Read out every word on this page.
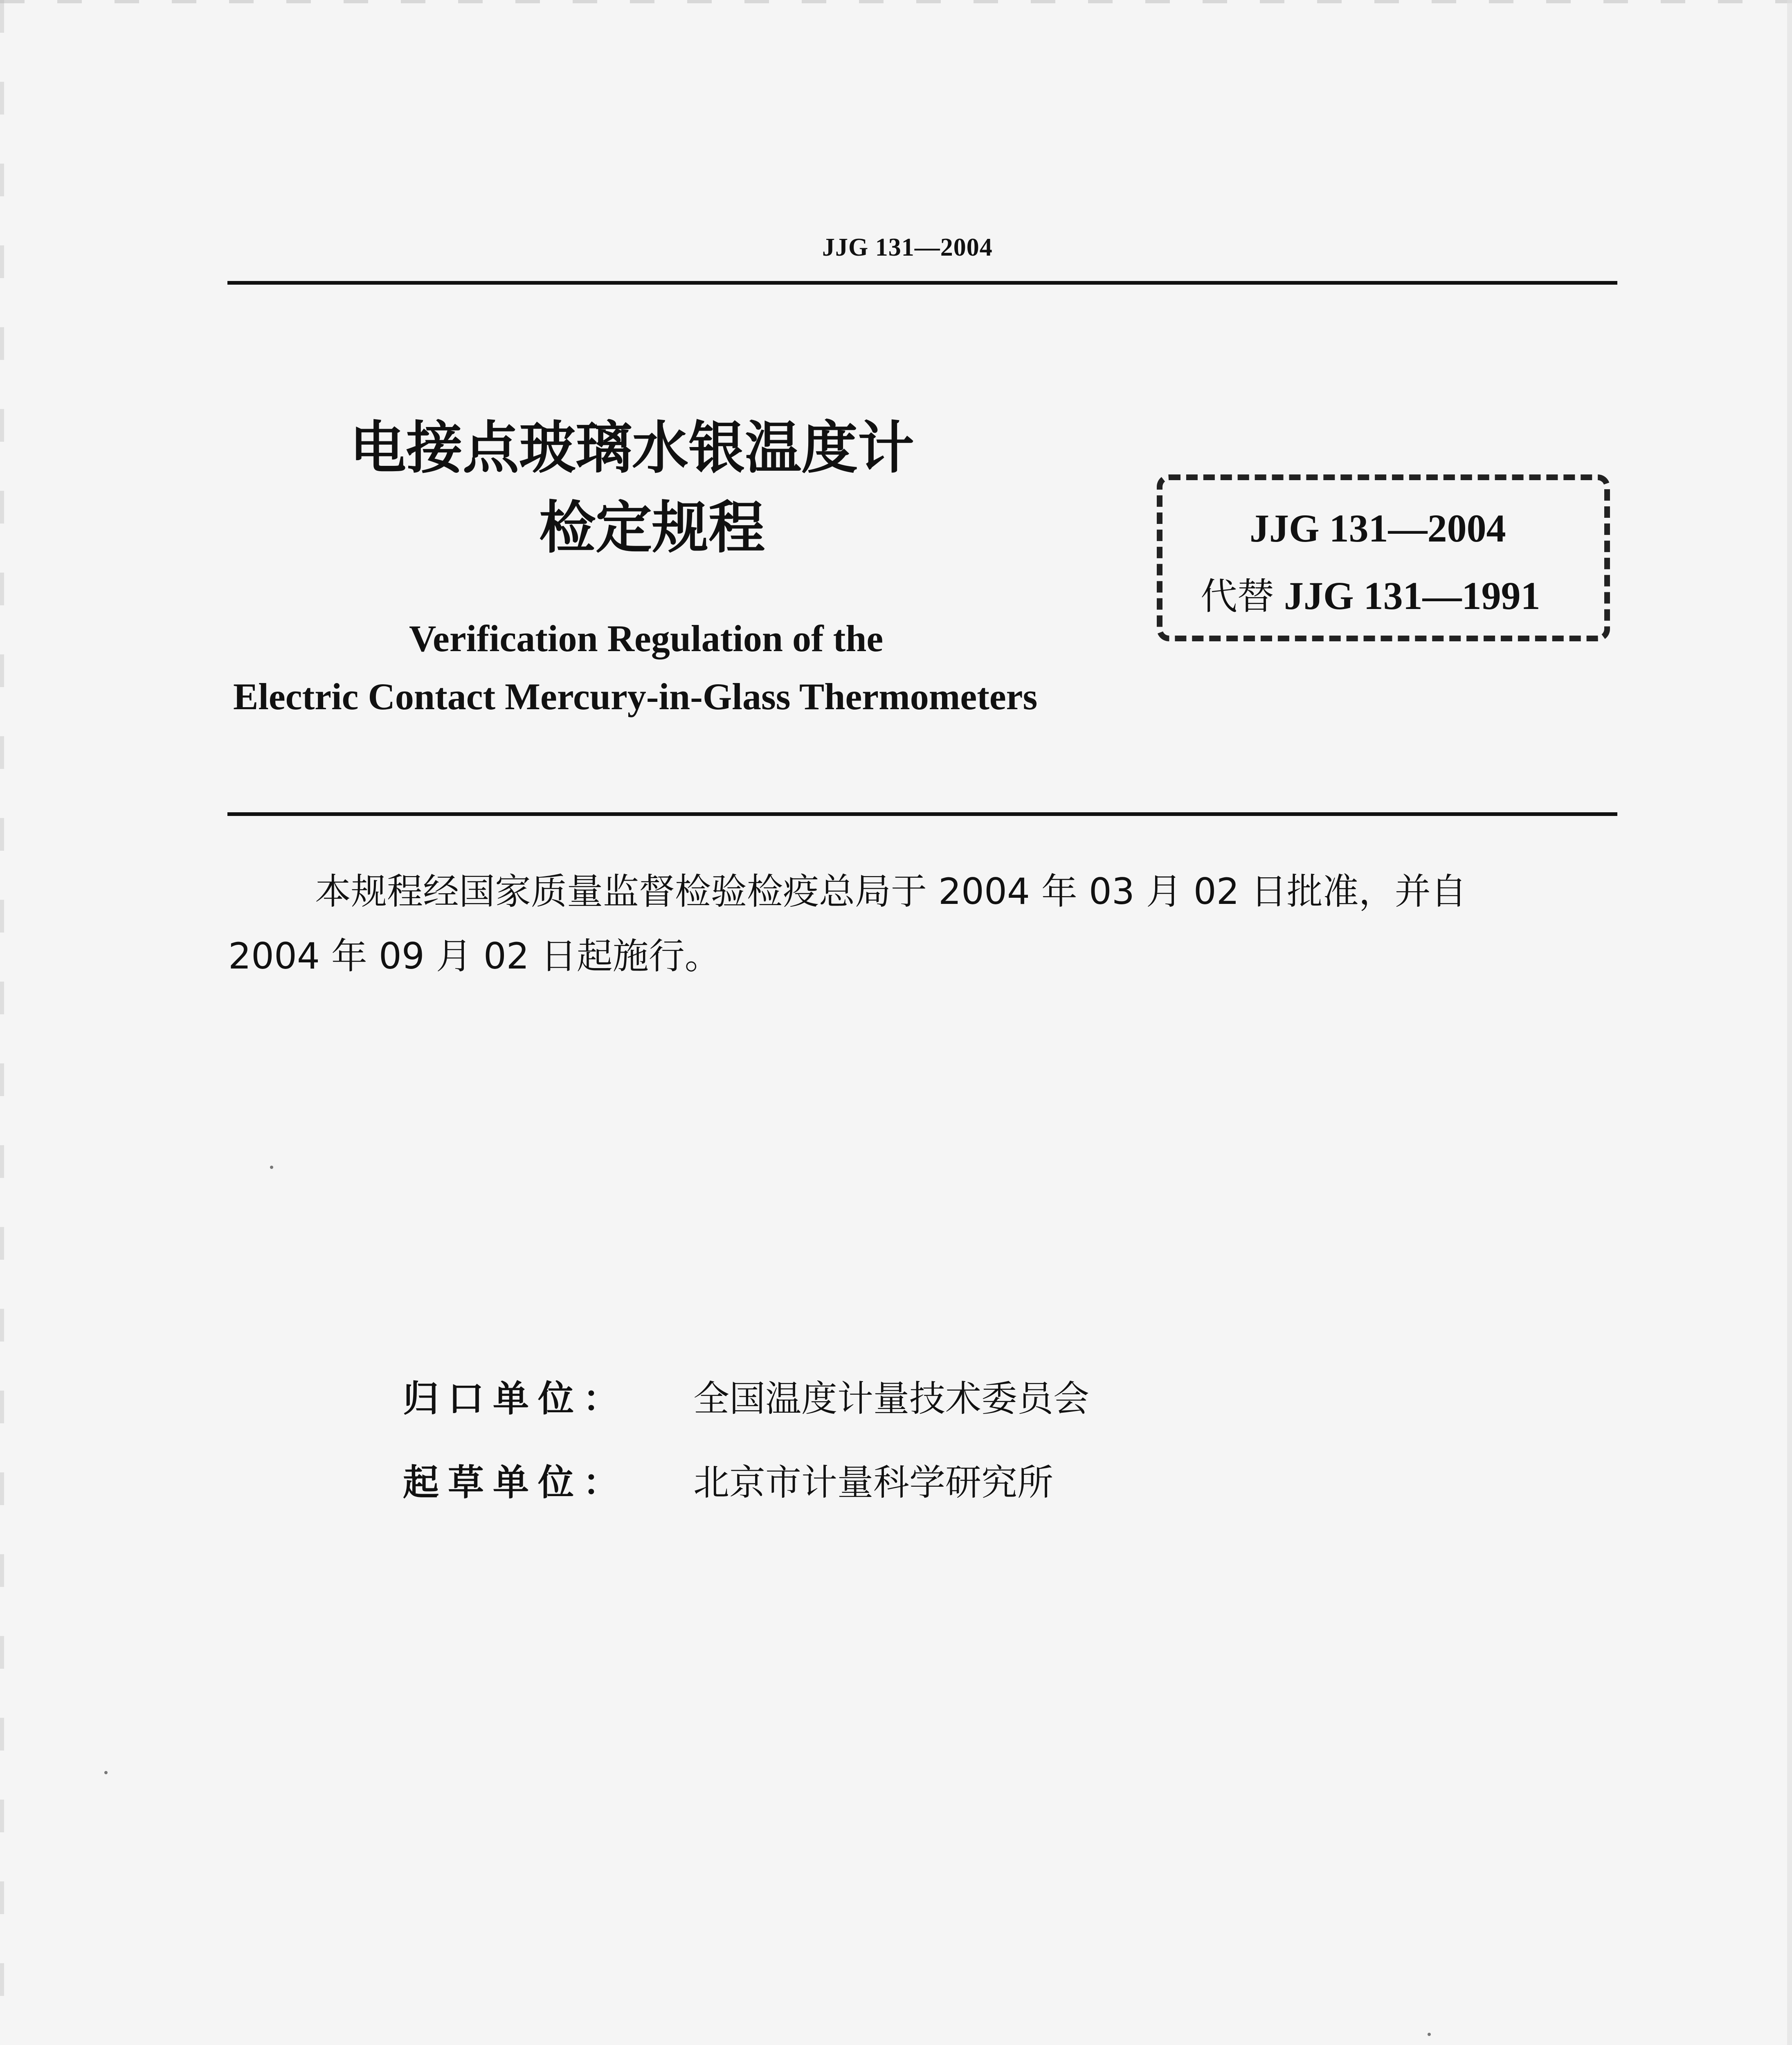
JJG 131—2004
电接点玻璃水银温度计
检定规程
Verification Regulation of the
Electric Contact Mercury-in-Glass Thermometers
JJG 131—2004
代替 JJG 131—1991
本规程经国家质量监督检验检疫总局于 2004 年 03 月 02 日批准，并自
2004 年 09 月 02 日起施行。
归口单位： 全国温度计量技术委员会
起草单位： 北京市计量科学研究所
